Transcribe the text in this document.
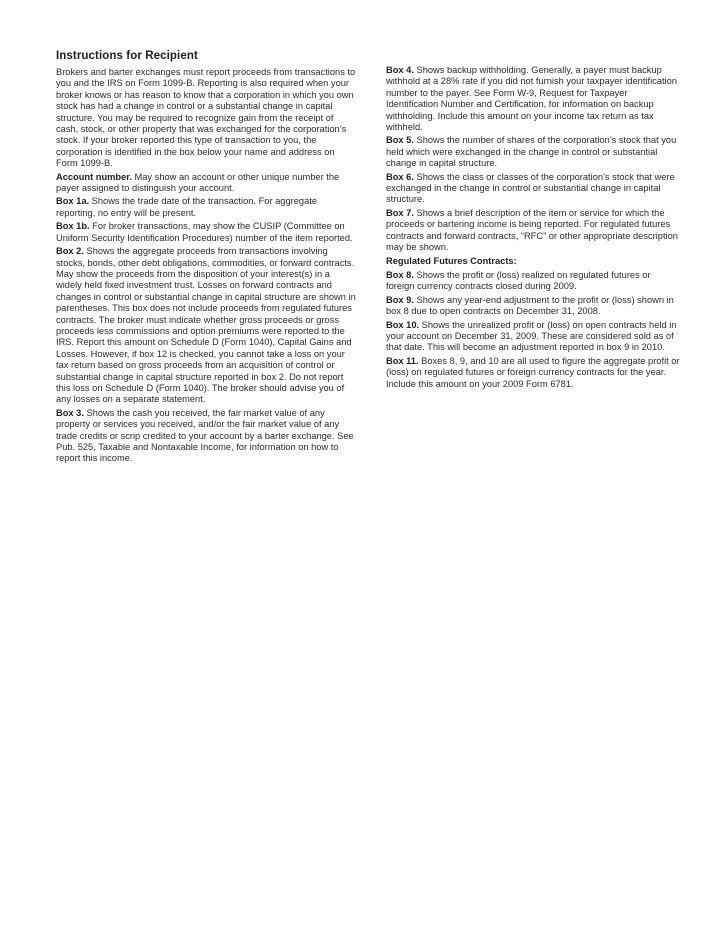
Instructions for Recipient

Brokers and barter exchanges must report proceeds from transactions to you and the IRS on Form 1099-B. Reporting is also required when your broker knows or has reason to know that a corporation in which you own stock has had a change in control or a substantial change in capital structure. You may be required to recognize gain from the receipt of cash, stock, or other property that was exchanged for the corporation’s stock. If your broker reported this type of transaction to you, the corporation is identified in the box below your name and address on Form 1099-B.

Account number. May show an account or other unique number the payer assigned to distinguish your account.

Box 1a. Shows the trade date of the transaction. For aggregate reporting, no entry will be present.

Box 1b. For broker transactions, may show the CUSIP (Committee on Uniform Security Identification Procedures) number of the item reported.

Box 2. Shows the aggregate proceeds from transactions involving stocks, bonds, other debt obligations, commodities, or forward contracts. May show the proceeds from the disposition of your interest(s) in a widely held fixed investment trust. Losses on forward contracts and changes in control or substantial change in capital structure are shown in parentheses. This box does not include proceeds from regulated futures contracts. The broker must indicate whether gross proceeds or gross proceeds less commissions and option premiums were reported to the IRS. Report this amount on Schedule D (Form 1040), Capital Gains and Losses. However, if box 12 is checked, you cannot take a loss on your tax return based on gross proceeds from an acquisition of control or substantial change in capital structure reported in box 2. Do not report this loss on Schedule D (Form 1040). The broker should advise you of any losses on a separate statement.

Box 3. Shows the cash you received, the fair market value of any property or services you received, and/or the fair market value of any trade credits or scrip credited to your account by a barter exchange. See Pub. 525, Taxable and Nontaxable Income, for information on how to report this income.

Box 4. Shows backup withholding. Generally, a payer must backup withhold at a 28% rate if you did not furnish your taxpayer identification number to the payer. See Form W-9, Request for Taxpayer Identification Number and Certification, for information on backup withholding. Include this amount on your income tax return as tax withheld.

Box 5. Shows the number of shares of the corporation’s stock that you held which were exchanged in the change in control or substantial change in capital structure.

Box 6. Shows the class or classes of the corporation’s stock that were exchanged in the change in control or substantial change in capital structure.

Box 7. Shows a brief description of the item or service for which the proceeds or bartering income is being reported. For regulated futures contracts and forward contracts, “RFC” or other appropriate description may be shown.

Regulated Futures Contracts:

Box 8. Shows the profit or (loss) realized on regulated futures or foreign currency contracts closed during 2009.

Box 9. Shows any year-end adjustment to the profit or (loss) shown in box 8 due to open contracts on December 31, 2008.

Box 10. Shows the unrealized profit or (loss) on open contracts held in your account on December 31, 2009. These are considered sold as of that date. This will become an adjustment reported in box 9 in 2010.

Box 11. Boxes 8, 9, and 10 are all used to figure the aggregate profit or (loss) on regulated futures or foreign currency contracts for the year. Include this amount on your 2009 Form 6781.
